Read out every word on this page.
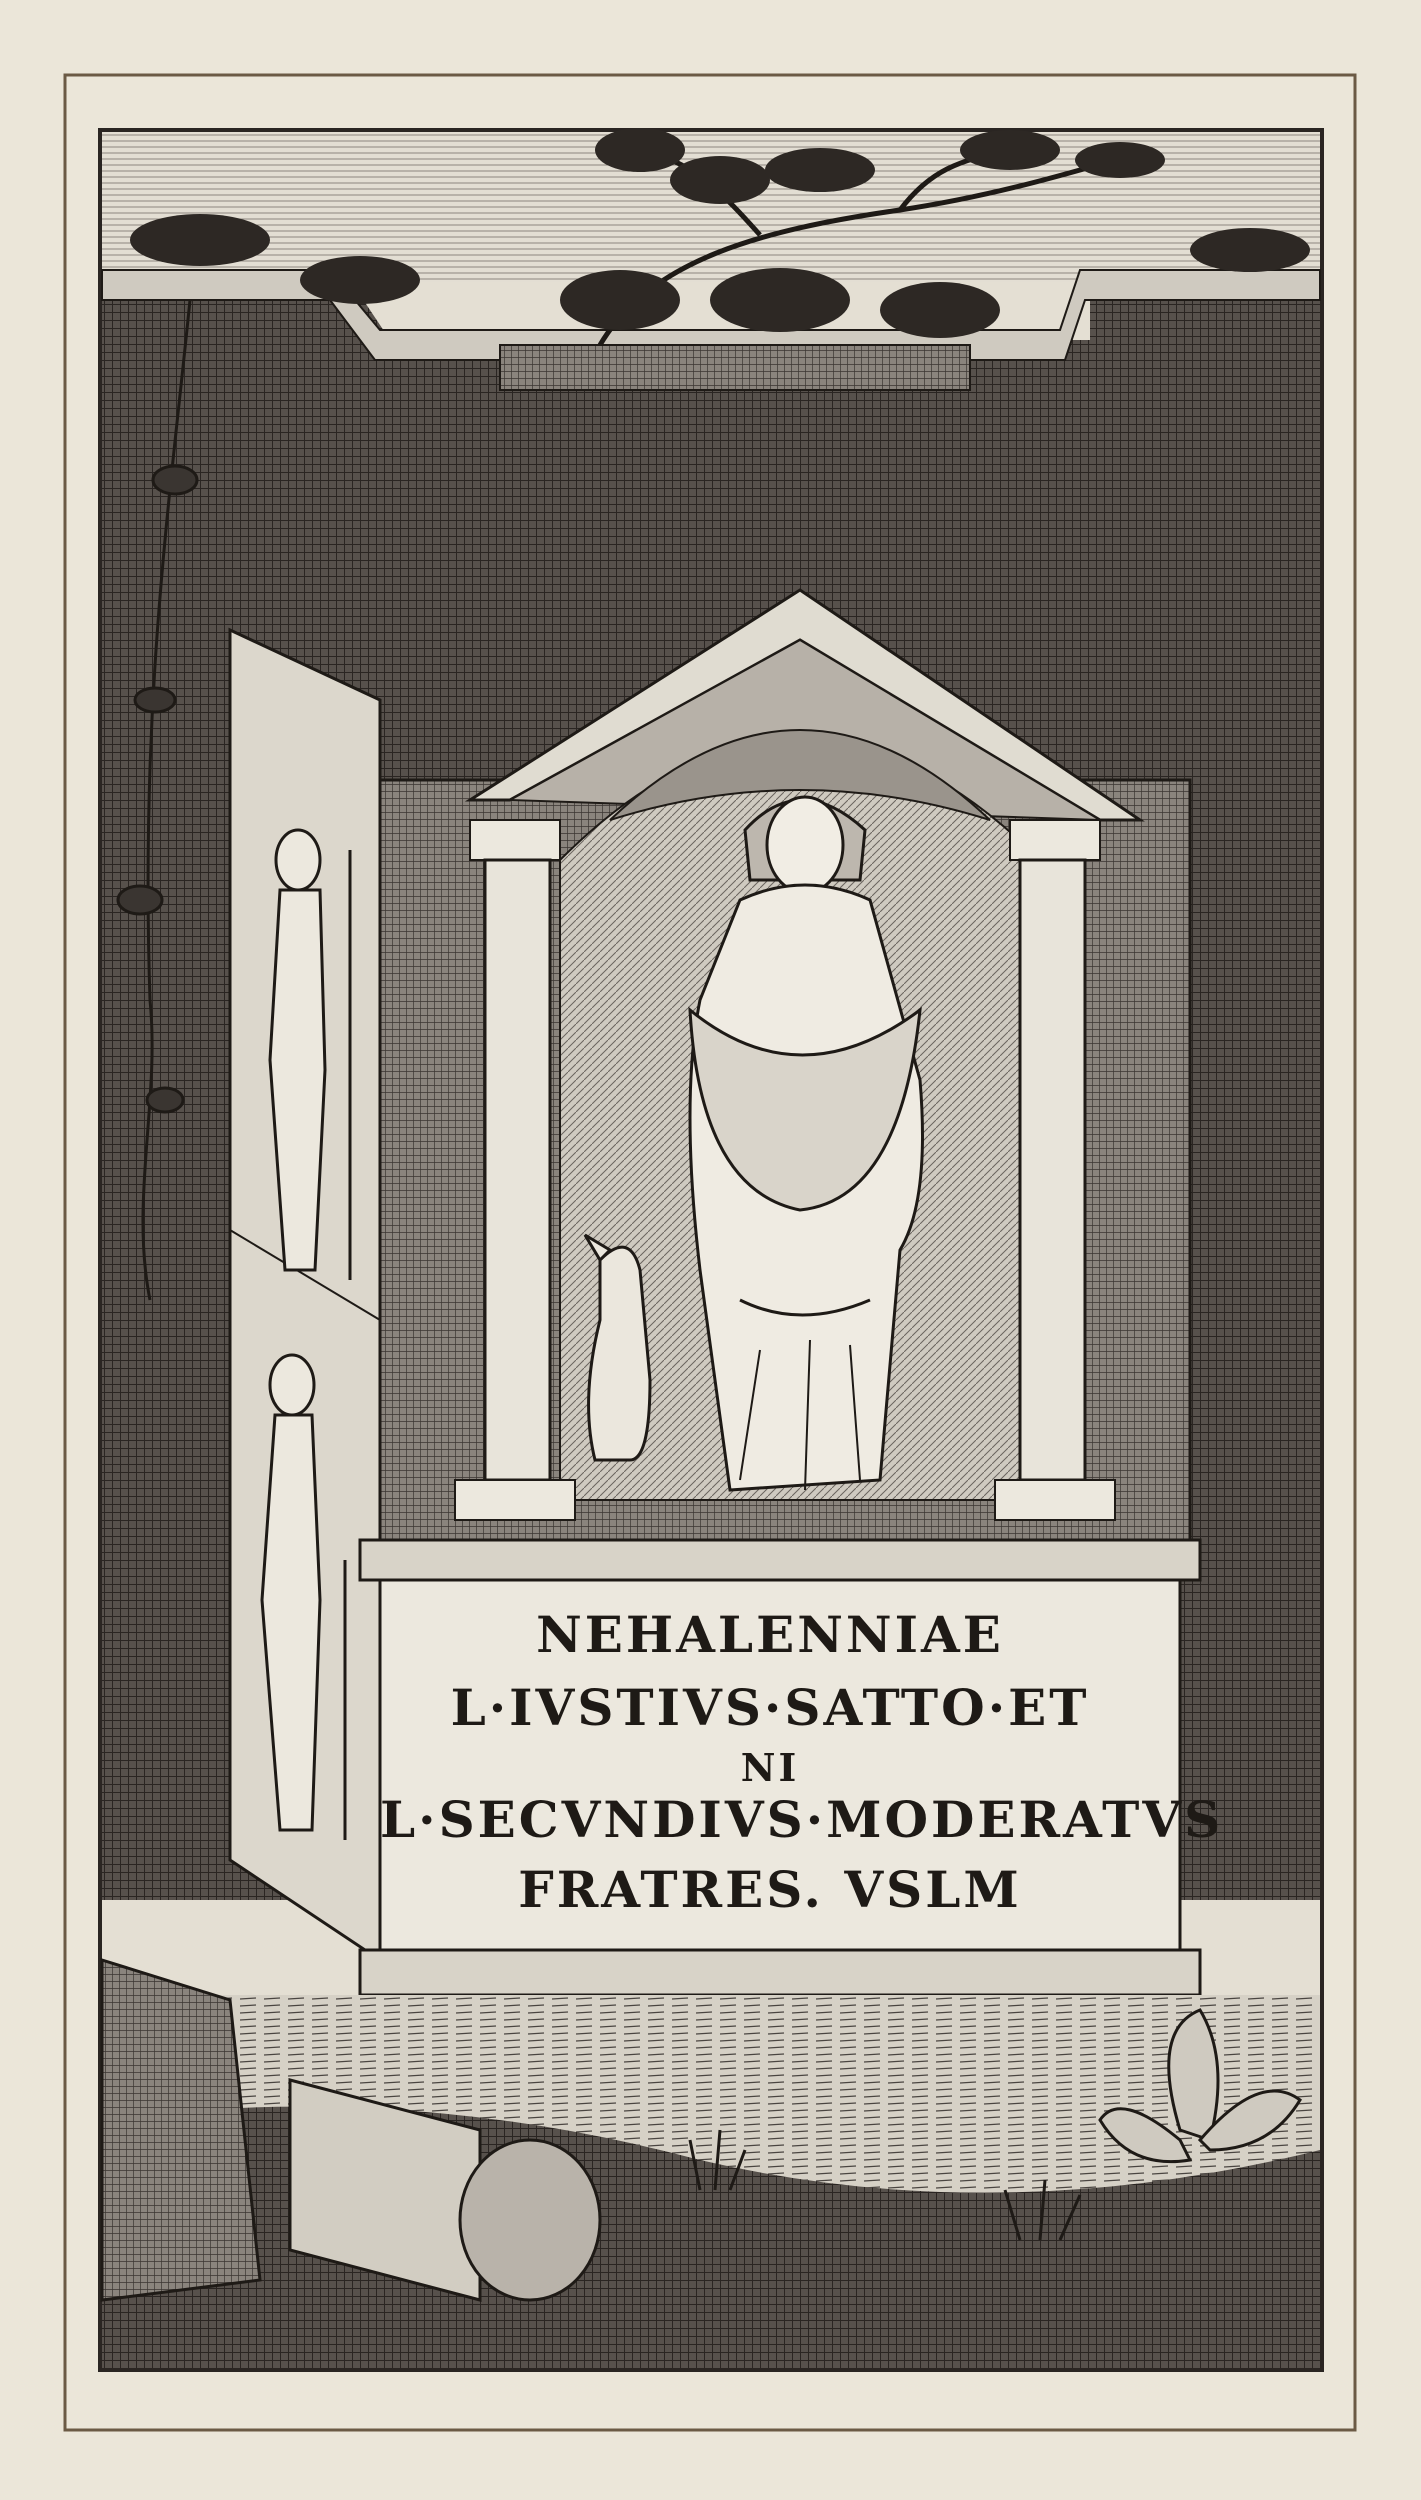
NEHALENNIAE
L·IVSTIVS·SATTO·ET
NI
L·SECVNDIVS·MODERATVS
FRATRES. VSLM
